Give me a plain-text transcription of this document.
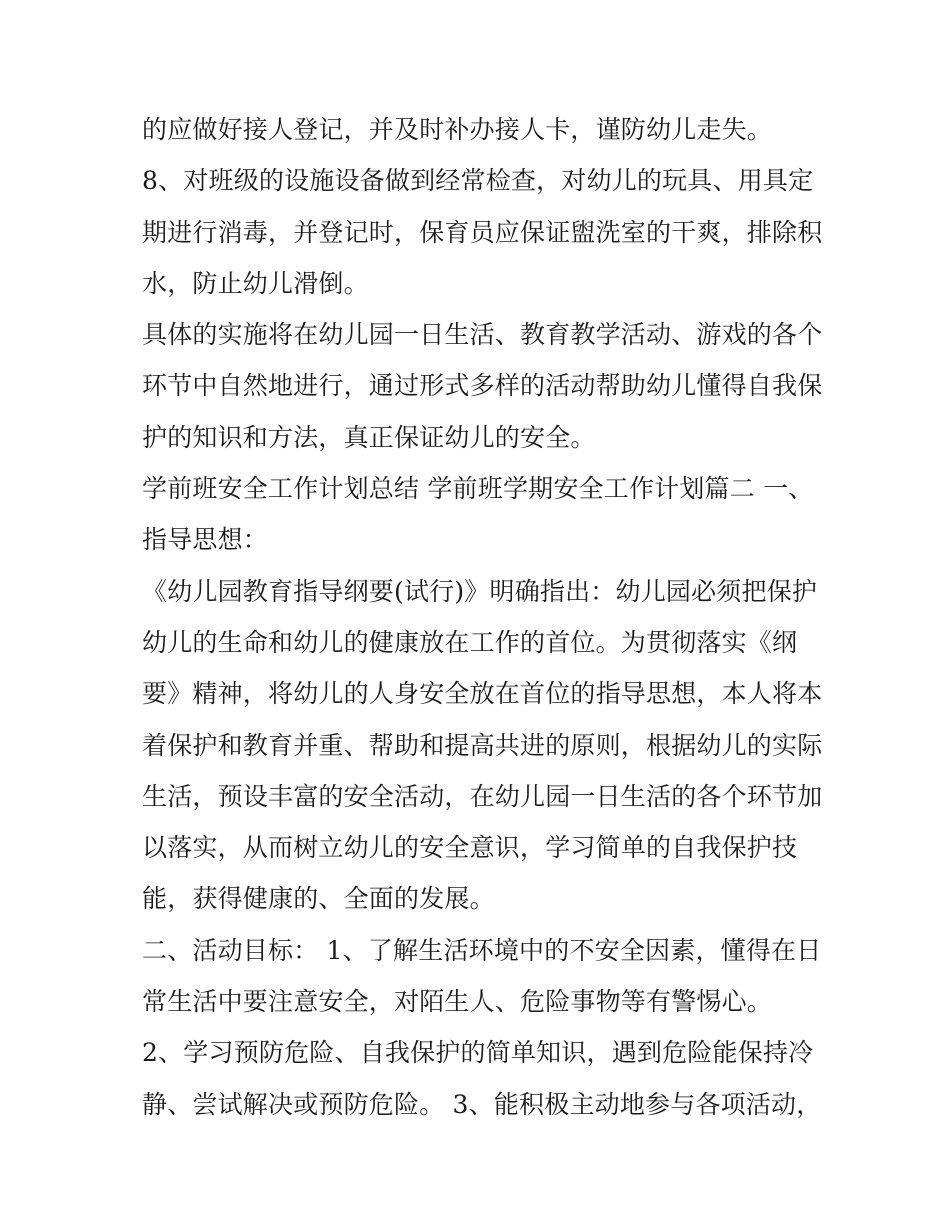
的应做好接人登记，并及时补办接人卡，谨防幼儿走失。
8、对班级的设施设备做到经常检查，对幼儿的玩具、用具定
期进行消毒，并登记时，保育员应保证盥洗室的干爽，排除积
水，防止幼儿滑倒。
具体的实施将在幼儿园一日生活、教育教学活动、游戏的各个
环节中自然地进行，通过形式多样的活动帮助幼儿懂得自我保
护的知识和方法，真正保证幼儿的安全。
学前班安全工作计划总结 学前班学期安全工作计划篇二 一、
指导思想：
《幼儿园教育指导纲要(试行)》明确指出：幼儿园必须把保护
幼儿的生命和幼儿的健康放在工作的首位。为贯彻落实《纲
要》精神，将幼儿的人身安全放在首位的指导思想，本人将本
着保护和教育并重、帮助和提高共进的原则，根据幼儿的实际
生活，预设丰富的安全活动，在幼儿园一日生活的各个环节加
以落实，从而树立幼儿的安全意识，学习简单的自我保护技
能，获得健康的、全面的发展。
二、活动目标： 1、了解生活环境中的不安全因素，懂得在日
常生活中要注意安全，对陌生人、危险事物等有警惕心。
2、学习预防危险、自我保护的简单知识，遇到危险能保持冷
静、尝试解决或预防危险。 3、能积极主动地参与各项活动，
